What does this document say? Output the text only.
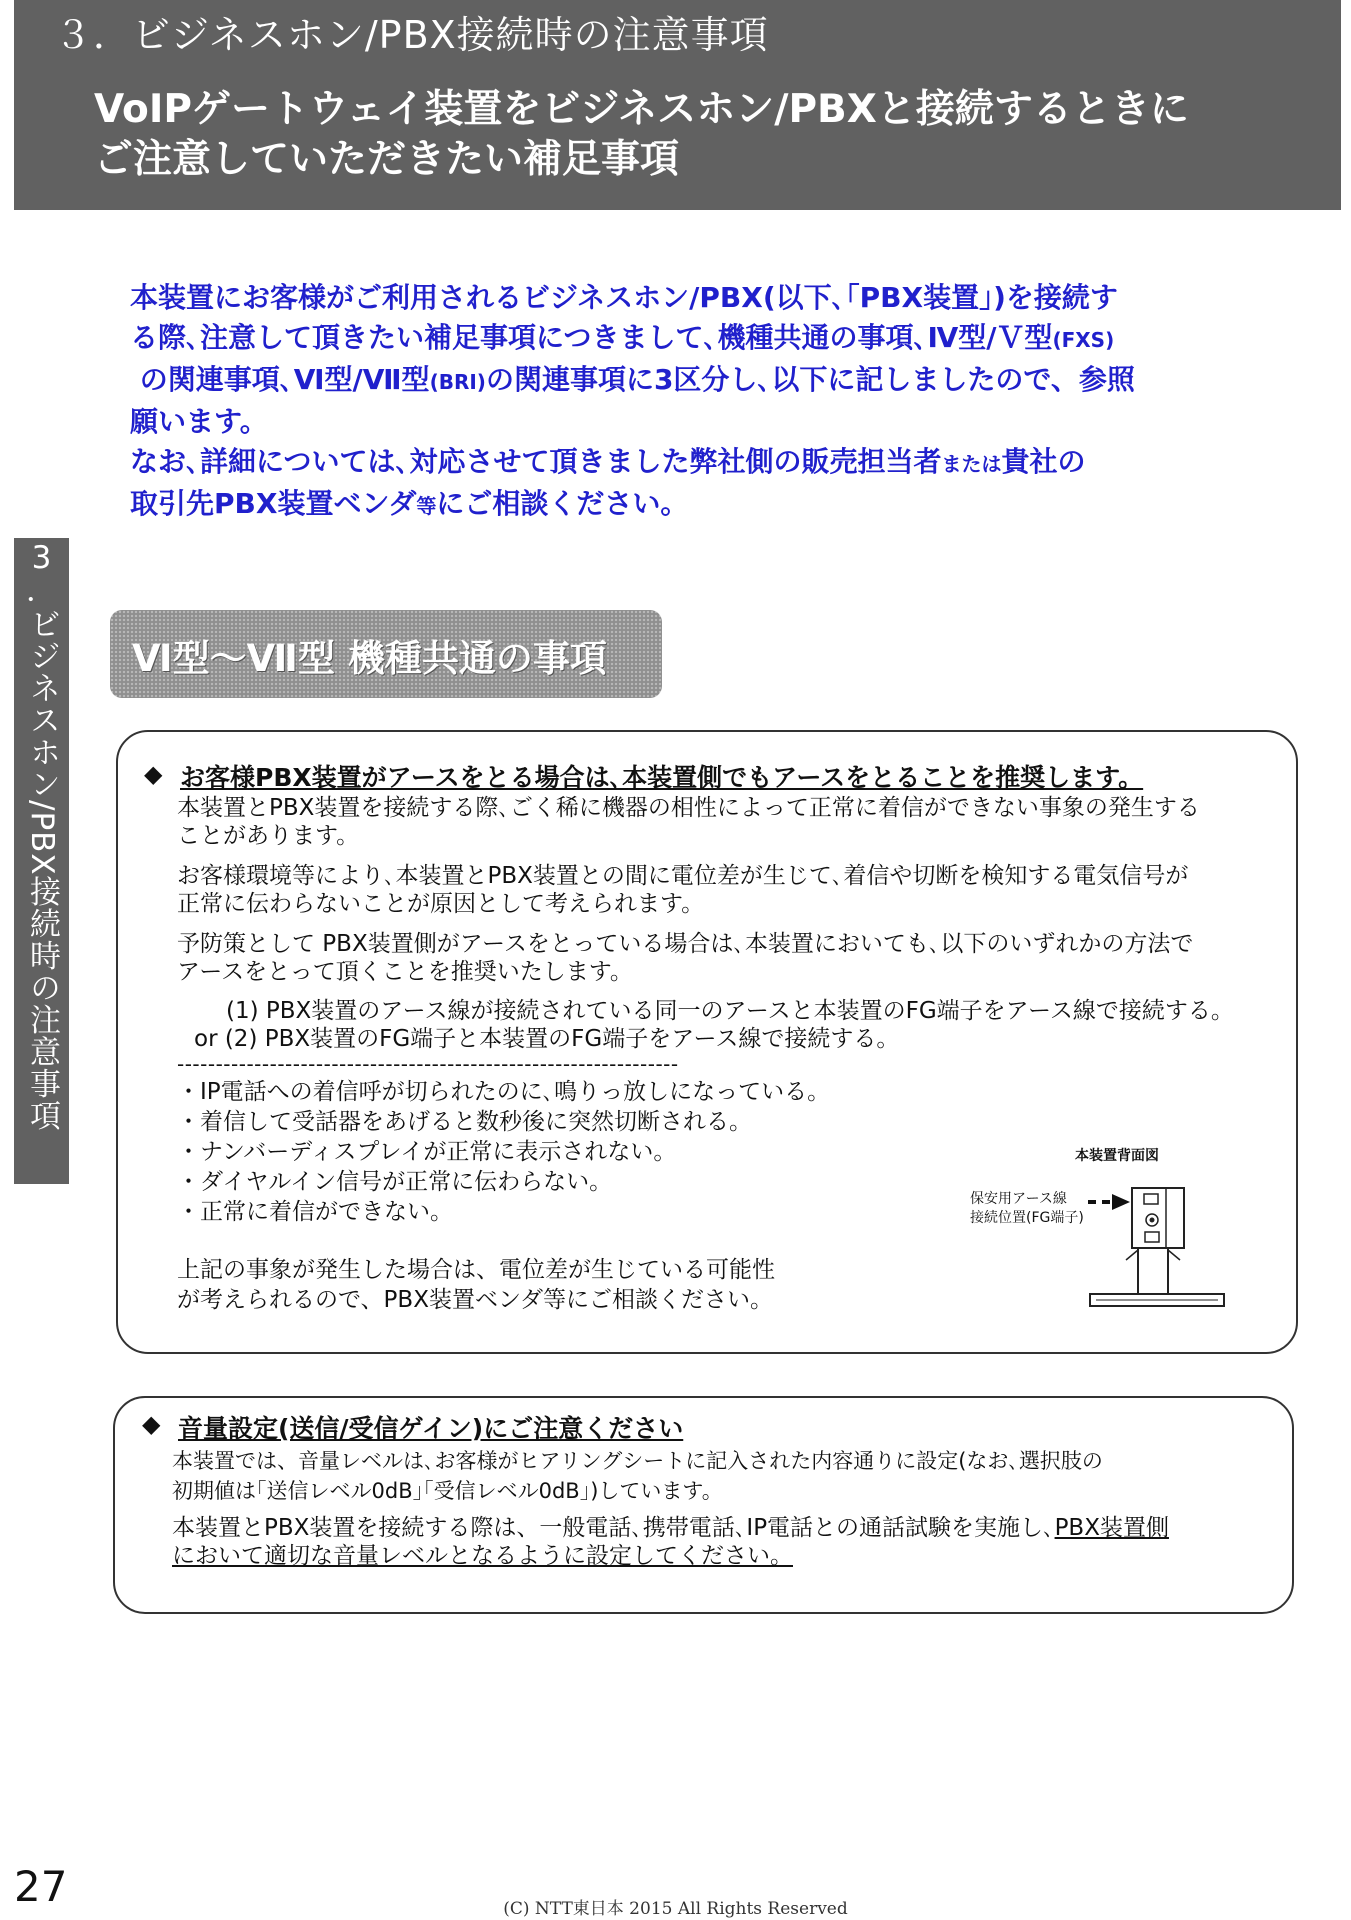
３．ビジネスホン/PBX接続時の注意事項
VoIPゲートウェイ装置をビジネスホン/PBXと接続するときに
ご注意していただきたい補足事項

本装置にお客様がご利用されるビジネスホン/PBX(以下､｢PBX装置｣)を接続す

る際､注意して頂きたい補足事項につきまして､機種共通の事項､Ⅳ型/Ｖ型(FXS)

の関連事項､Ⅵ型/Ⅶ型(BRI)の関連事項に3区分し､以下に記しましたので、参照

願います。

なお､詳細については､対応させて頂きました弊社側の販売担当者または貴社の

取引先PBX装置ベンダ等にご相談ください。

3
．
ビジネスホン/PBX接続時の注意事項 Ⅵ型～Ⅶ型 機種共通の事項
◆ お客様PBX装置がアースをとる場合は､本装置側でもアースをとることを推奨します。
本装置とPBX装置を接続する際､ごく稀に機器の相性によって正常に着信ができない事象の発生する
ことがあります。
お客様環境等により､本装置とPBX装置との間に電位差が生じて､着信や切断を検知する電気信号が
正常に伝わらないことが原因として考えられます。
予防策として PBX装置側がアースをとっている場合は､本装置においても､以下のいずれかの方法で
アースをとって頂くことを推奨いたします。
(1) PBX装置のアース線が接続されている同一のアースと本装置のFG端子をアース線で接続する。
or (2) PBX装置のFG端子と本装置のFG端子をアース線で接続する。
-----------------------------------------------------------------
・IP電話への着信呼が切られたのに､鳴りっ放しになっている。
・着信して受話器をあげると数秒後に突然切断される。
・ナンバーディスプレイが正常に表示されない。
・ダイヤルイン信号が正常に伝わらない。
・正常に着信ができない。
上記の事象が発生した場合は、電位差が生じている可能性
が考えられるので、PBX装置ベンダ等にご相談ください。
本装置背面図
保安用アース線
接続位置(FG端子)
◆ 音量設定(送信/受信ゲイン)にご注意ください
本装置では、音量レベルは､お客様がヒアリングシートに記入された内容通りに設定(なお､選択肢の
初期値は｢送信レベル0dB｣｢受信レベル0dB｣)しています。
本装置とPBX装置を接続する際は、一般電話､携帯電話､IP電話との通話試験を実施し､PBX装置側
において適切な音量レベルとなるように設定してください。
27	(C) NTT東日本 2015 All Rights Reserved
